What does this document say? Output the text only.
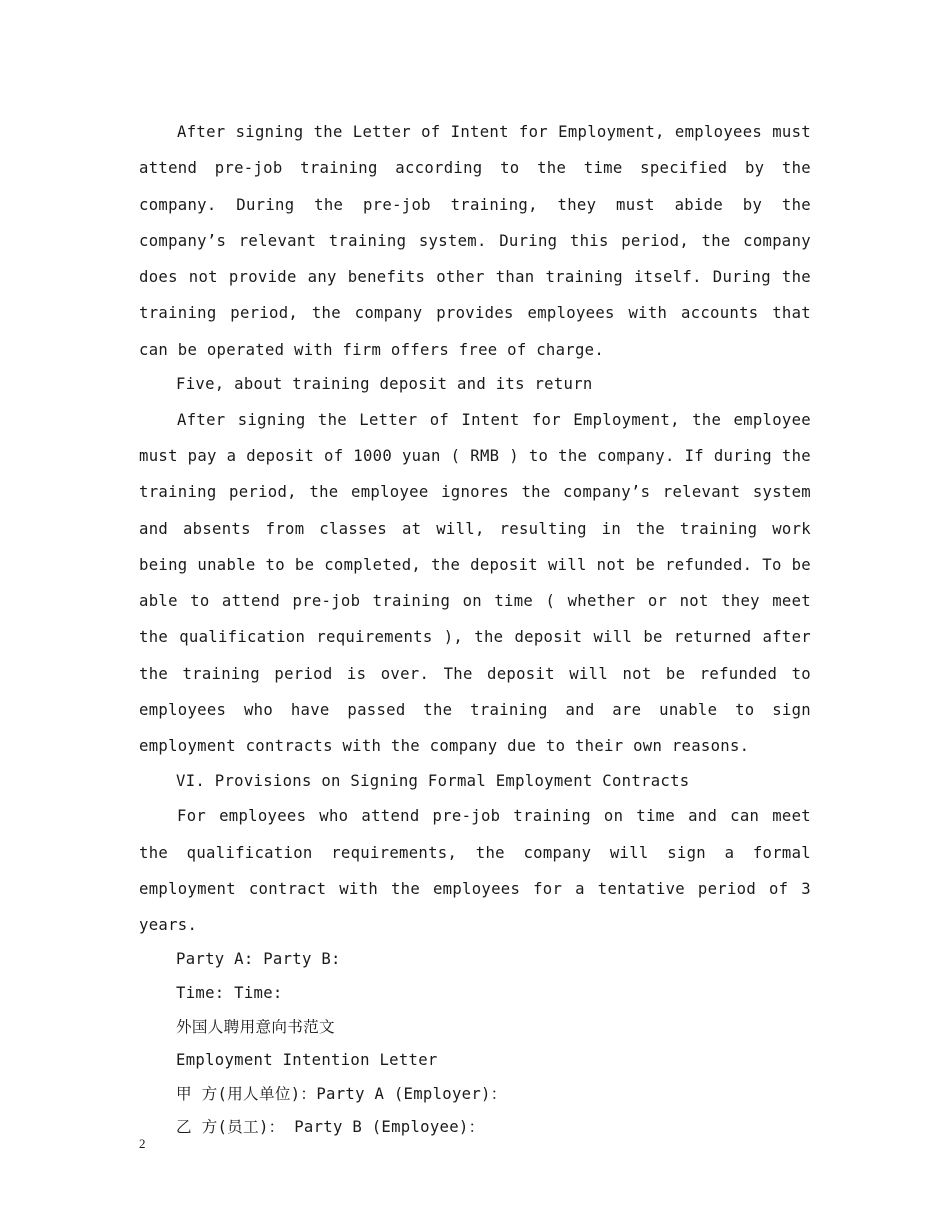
After signing the Letter of Intent for Employment, employees must attend pre-job training according to the time specified by the company. During the pre-job training, they must abide by the company’s relevant training system. During this period, the company does not provide any benefits other than training itself. During the training period, the company provides employees with accounts that can be operated with firm offers free of charge.

Five, about training deposit and its return

After signing the Letter of Intent for Employment, the employee must pay a deposit of 1000 yuan ( RMB ) to the company. If during the training period, the employee ignores the company’s relevant system and absents from classes at will, resulting in the training work being unable to be completed, the deposit will not be refunded. To be able to attend pre-job training on time ( whether or not they meet the qualification requirements ), the deposit will be returned after the training period is over. The deposit will not be refunded to employees who have passed the training and are unable to sign employment contracts with the company due to their own reasons.

VI. Provisions on Signing Formal Employment Contracts

For employees who attend pre-job training on time and can meet the qualification requirements, the company will sign a formal employment contract with the employees for a tentative period of 3 years.

Party A: Party B:

Time: Time:

外国人聘用意向书范文

Employment Intention Letter

甲 方(用人单位)：Party A (Employer)：

乙 方(员工)： Party B (Employee)：

2
